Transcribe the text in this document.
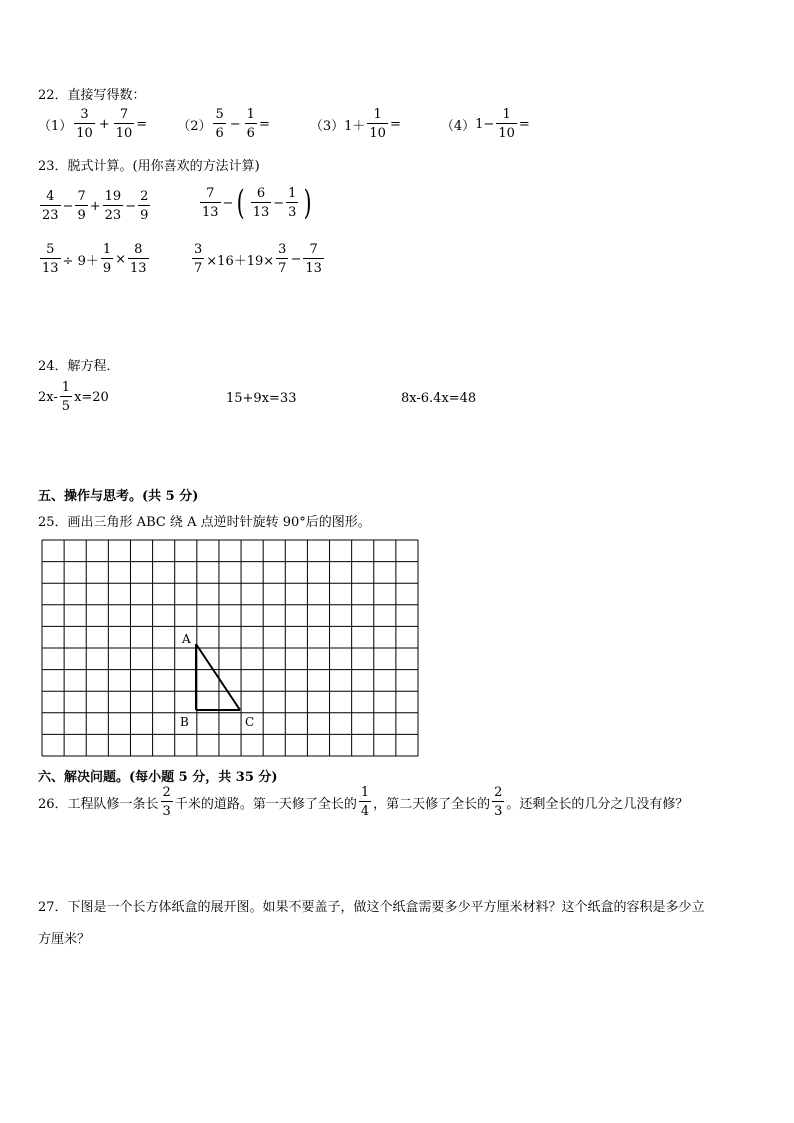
22．直接写得数：
$(1) \frac{3}{10} + \frac{7}{10} = (2) \frac{5}{6} - \frac{1}{6}$ =	（3） $1+ \frac{1}{10}$ =	（4） $1- \frac{1}{10}$ =
23．脱式计算。(用你喜欢的方法计算)
$\frac{4}{23} - \frac{7}{9} + \frac{19}{23} - \frac{2}{9}$	$\frac{7}{13}$ − ( $\frac{6}{13} - \frac{1}{3}$ )
$\frac{5}{13} \div 9+ \frac{1}{9} \times \frac{8}{13}$	$\frac{3}{7} \times 16+19\times \frac{3}{7} - \frac{7}{13}$
24．解方程．
$2x- \frac{1}{5} x=20$	15+9x=33	8x-6.4x=48
五、操作与思考。(共 5 分)
25．画出三角形 ABC 绕 A 点逆时针旋转 90°后的图形。
A
B	C
六、解决问题。(每小题 5 分，共 35 分)
26．工程队修一条长 $\frac{2}{3}$ 千米的道路。第一天修了全长的 $\frac{1}{4}$ ，第二天修了全长的 $\frac{2}{3}$ 。还剩全长的几分之几没有修？
27．下图是一个长方体纸盒的展开图。如果不要盖子，做这个纸盒需要多少平方厘米材料？这个纸盒的容积是多少立
方厘米？
